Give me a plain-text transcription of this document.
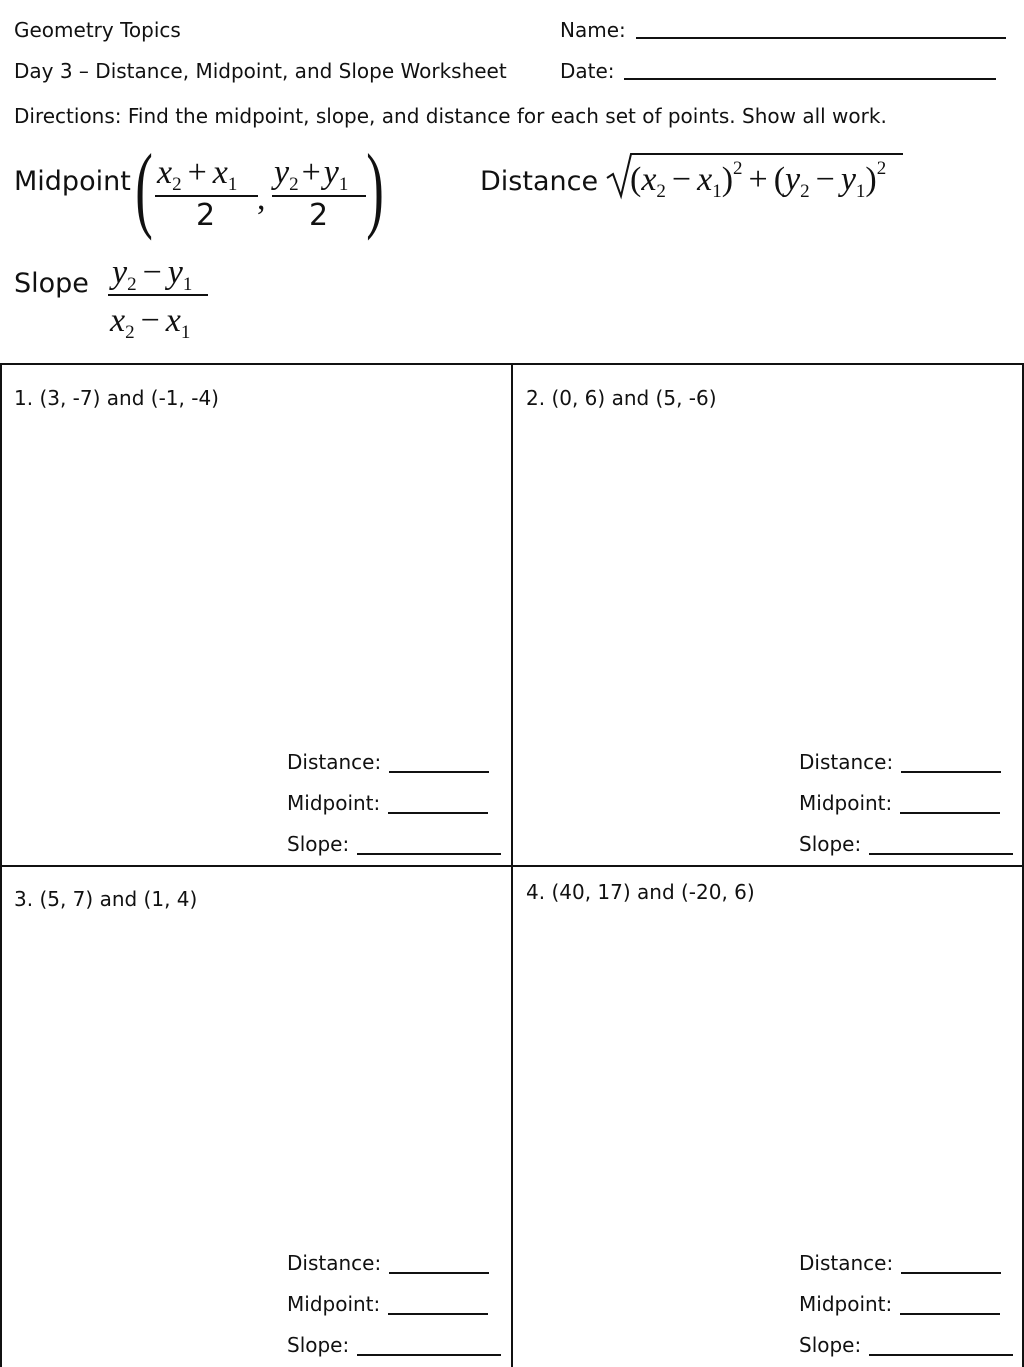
Geometry Topics
Day 3 – Distance, Midpoint, and Slope Worksheet
Name:
Date:
Directions: Find the midpoint, slope, and distance for each set of points. Show all work.
Midpoint ( $x_2 + x_1$
2 ,
$y_2+y_1$
2 )	Distance $(x_2 - x_1)^2 + (y_2 - y_1)^2$
Slope $y_2 - y_1$
$x_2 - x_1$
1. (3, -7) and (-1, -4)
Distance:
Midpoint:
Slope:
2. (0, 6) and (5, -6)
Distance:
Midpoint:
Slope:
3. (5, 7) and (1, 4)
Distance:
Midpoint:
Slope:
4. (40, 17) and (-20, 6)
Distance:
Midpoint:
Slope:
